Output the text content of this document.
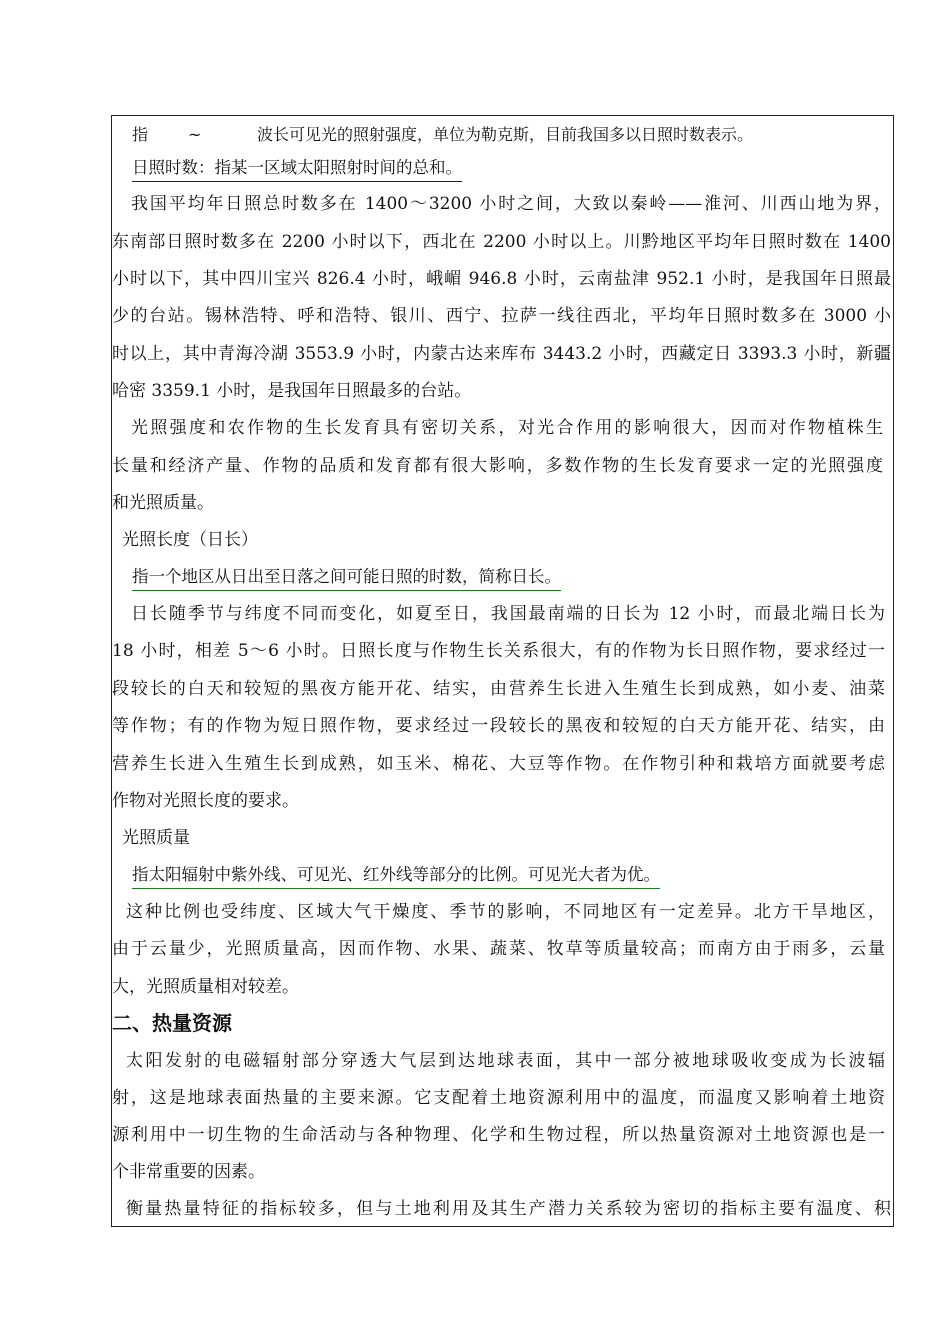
指 ~	波长可见光的照射强度，单位为勒克斯，目前我国多以日照时数表示。
日照时数：指某一区域太阳照射时间的总和。
我国平均年日照总时数多在 1400～3200 小时之间，大致以秦岭——淮河、川西山地为界，
东南部日照时数多在 2200 小时以下，西北在 2200 小时以上。川黔地区平均年日照时数在 1400
小时以下，其中四川宝兴 826.4 小时，峨嵋 946.8 小时，云南盐津 952.1 小时，是我国年日照最
少的台站。锡林浩特、呼和浩特、银川、西宁、拉萨一线往西北，平均年日照时数多在 3000 小
时以上，其中青海冷湖 3553.9 小时，内蒙古达来库布 3443.2 小时，西藏定日 3393.3 小时，新疆
哈密 3359.1 小时，是我国年日照最多的台站。
光照强度和农作物的生长发育具有密切关系，对光合作用的影响很大，因而对作物植株生
长量和经济产量、作物的品质和发育都有很大影响，多数作物的生长发育要求一定的光照强度
和光照质量。
光照长度（日长）
指一个地区从日出至日落之间可能日照的时数，简称日长。
日长随季节与纬度不同而变化，如夏至日，我国最南端的日长为 12 小时，而最北端日长为
18 小时，相差 5～6 小时。日照长度与作物生长关系很大，有的作物为长日照作物，要求经过一
段较长的白天和较短的黑夜方能开花、结实，由营养生长进入生殖生长到成熟，如小麦、油菜
等作物；有的作物为短日照作物，要求经过一段较长的黑夜和较短的白天方能开花、结实，由
营养生长进入生殖生长到成熟，如玉米、棉花、大豆等作物。在作物引种和栽培方面就要考虑
作物对光照长度的要求。
光照质量
指太阳辐射中紫外线、可见光、红外线等部分的比例。可见光大者为优。
这种比例也受纬度、区域大气干燥度、季节的影响，不同地区有一定差异。北方干旱地区，
由于云量少，光照质量高，因而作物、水果、蔬菜、牧草等质量较高；而南方由于雨多，云量
大，光照质量相对较差。
二、热量资源
太阳发射的电磁辐射部分穿透大气层到达地球表面，其中一部分被地球吸收变成为长波辐
射，这是地球表面热量的主要来源。它支配着土地资源利用中的温度，而温度又影响着土地资
源利用中一切生物的生命活动与各种物理、化学和生物过程，所以热量资源对土地资源也是一
个非常重要的因素。
衡量热量特征的指标较多，但与土地利用及其生产潜力关系较为密切的指标主要有温度、积
